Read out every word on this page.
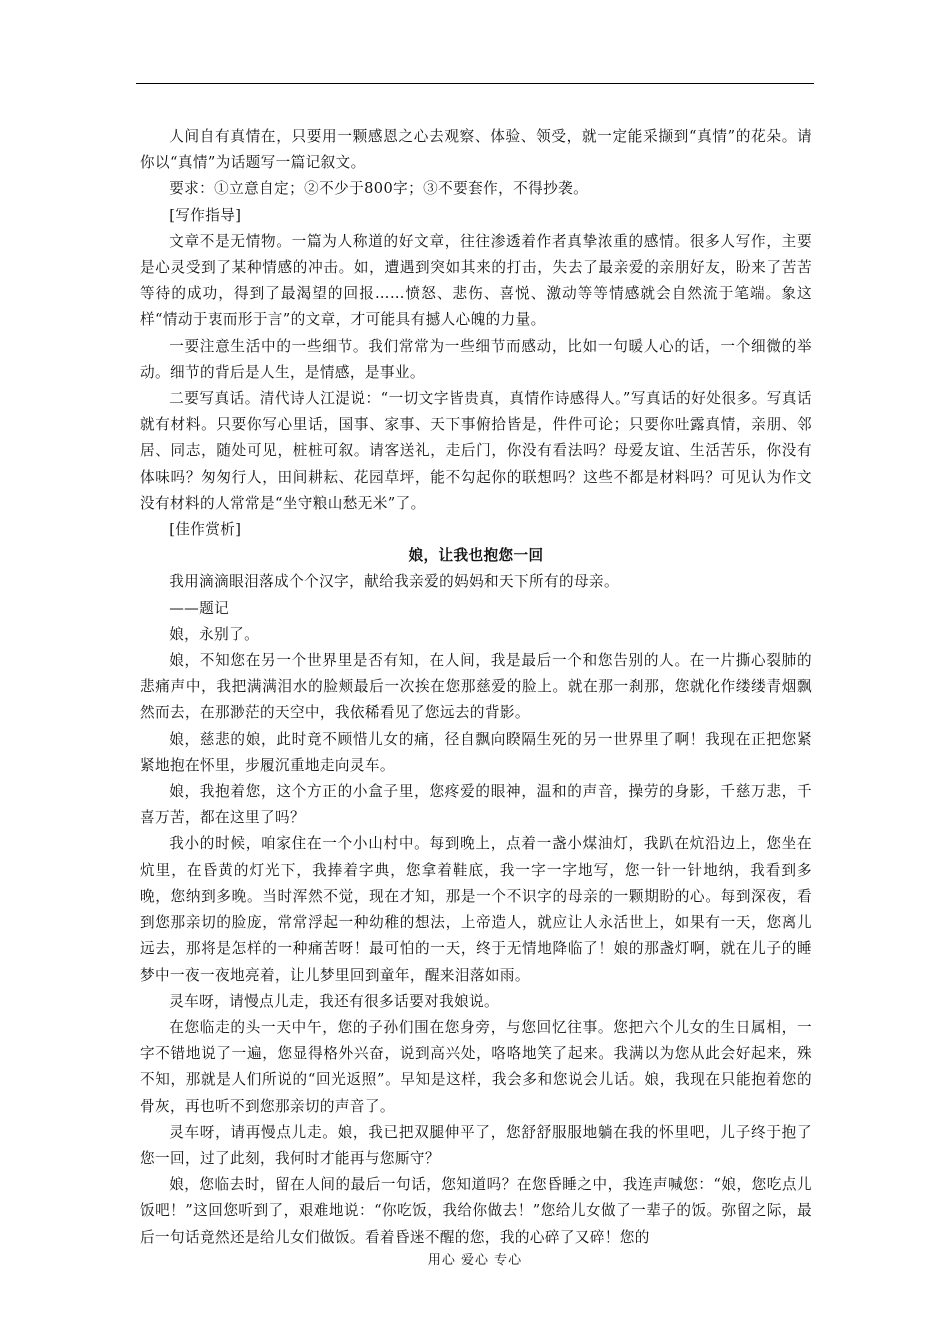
人间自有真情在，只要用一颗感恩之心去观察、体验、领受，就一定能采撷到“真情”的花朵。请你以“真情”为话题写一篇记叙文。

要求：①立意自定；②不少于800字；③不要套作，不得抄袭。

[写作指导]

文章不是无情物。一篇为人称道的好文章，往往渗透着作者真挚浓重的感情。很多人写作，主要是心灵受到了某种情感的冲击。如，遭遇到突如其来的打击，失去了最亲爱的亲朋好友，盼来了苦苦等待的成功，得到了最渴望的回报……愤怒、悲伤、喜悦、激动等等情感就会自然流于笔端。象这样“情动于衷而形于言”的文章，才可能具有撼人心魄的力量。

一要注意生活中的一些细节。我们常常为一些细节而感动，比如一句暖人心的话，一个细微的举动。细节的背后是人生，是情感，是事业。

二要写真话。清代诗人江湜说：“一切文字皆贵真，真情作诗感得人。”写真话的好处很多。写真话就有材料。只要你写心里话，国事、家事、天下事俯拾皆是，件件可论；只要你吐露真情，亲朋、邻居、同志，随处可见，桩桩可叙。请客送礼，走后门，你没有看法吗？母爱友谊、生活苦乐，你没有体味吗？匆匆行人，田间耕耘、花园草坪，能不勾起你的联想吗？这些不都是材料吗？可见认为作文没有材料的人常常是“坐守粮山愁无米”了。

[佳作赏析]

娘，让我也抱您一回

我用滴滴眼泪落成个个汉字，献给我亲爱的妈妈和天下所有的母亲。

——题记

娘，永别了。

娘，不知您在另一个世界里是否有知，在人间，我是最后一个和您告别的人。在一片撕心裂肺的悲痛声中，我把满满泪水的脸颊最后一次挨在您那慈爱的脸上。就在那一刹那，您就化作缕缕青烟飘然而去，在那渺茫的天空中，我依稀看见了您远去的背影。

娘，慈悲的娘，此时竟不顾惜儿女的痛，径自飘向睽隔生死的另一世界里了啊！我现在正把您紧紧地抱在怀里，步履沉重地走向灵车。

娘，我抱着您，这个方正的小盒子里，您疼爱的眼神，温和的声音，操劳的身影，千慈万悲，千喜万苦，都在这里了吗？

我小的时候，咱家住在一个小山村中。每到晚上，点着一盏小煤油灯，我趴在炕沿边上，您坐在炕里，在昏黄的灯光下，我捧着字典，您拿着鞋底，我一字一字地写，您一针一针地纳，我看到多晚，您纳到多晚。当时浑然不觉，现在才知，那是一个不识字的母亲的一颗期盼的心。每到深夜，看到您那亲切的脸庞，常常浮起一种幼稚的想法，上帝造人，就应让人永活世上，如果有一天，您离儿远去，那将是怎样的一种痛苦呀！最可怕的一天，终于无情地降临了！娘的那盏灯啊，就在儿子的睡梦中一夜一夜地亮着，让儿梦里回到童年，醒来泪落如雨。

灵车呀，请慢点儿走，我还有很多话要对我娘说。

在您临走的头一天中午，您的子孙们围在您身旁，与您回忆往事。您把六个儿女的生日属相，一字不错地说了一遍，您显得格外兴奋，说到高兴处，咯咯地笑了起来。我满以为您从此会好起来，殊不知，那就是人们所说的“回光返照”。早知是这样，我会多和您说会儿话。娘，我现在只能抱着您的骨灰，再也听不到您那亲切的声音了。

灵车呀，请再慢点儿走。娘，我已把双腿伸平了，您舒舒服服地躺在我的怀里吧，儿子终于抱了您一回，过了此刻，我何时才能再与您厮守？

娘，您临去时，留在人间的最后一句话，您知道吗？在您昏睡之中，我连声喊您：“娘，您吃点儿饭吧！”这回您听到了，艰难地说：“你吃饭，我给你做去！”您给儿女做了一辈子的饭。弥留之际，最后一句话竟然还是给儿女们做饭。看着昏迷不醒的您，我的心碎了又碎！您的

用心 爱心 专心
